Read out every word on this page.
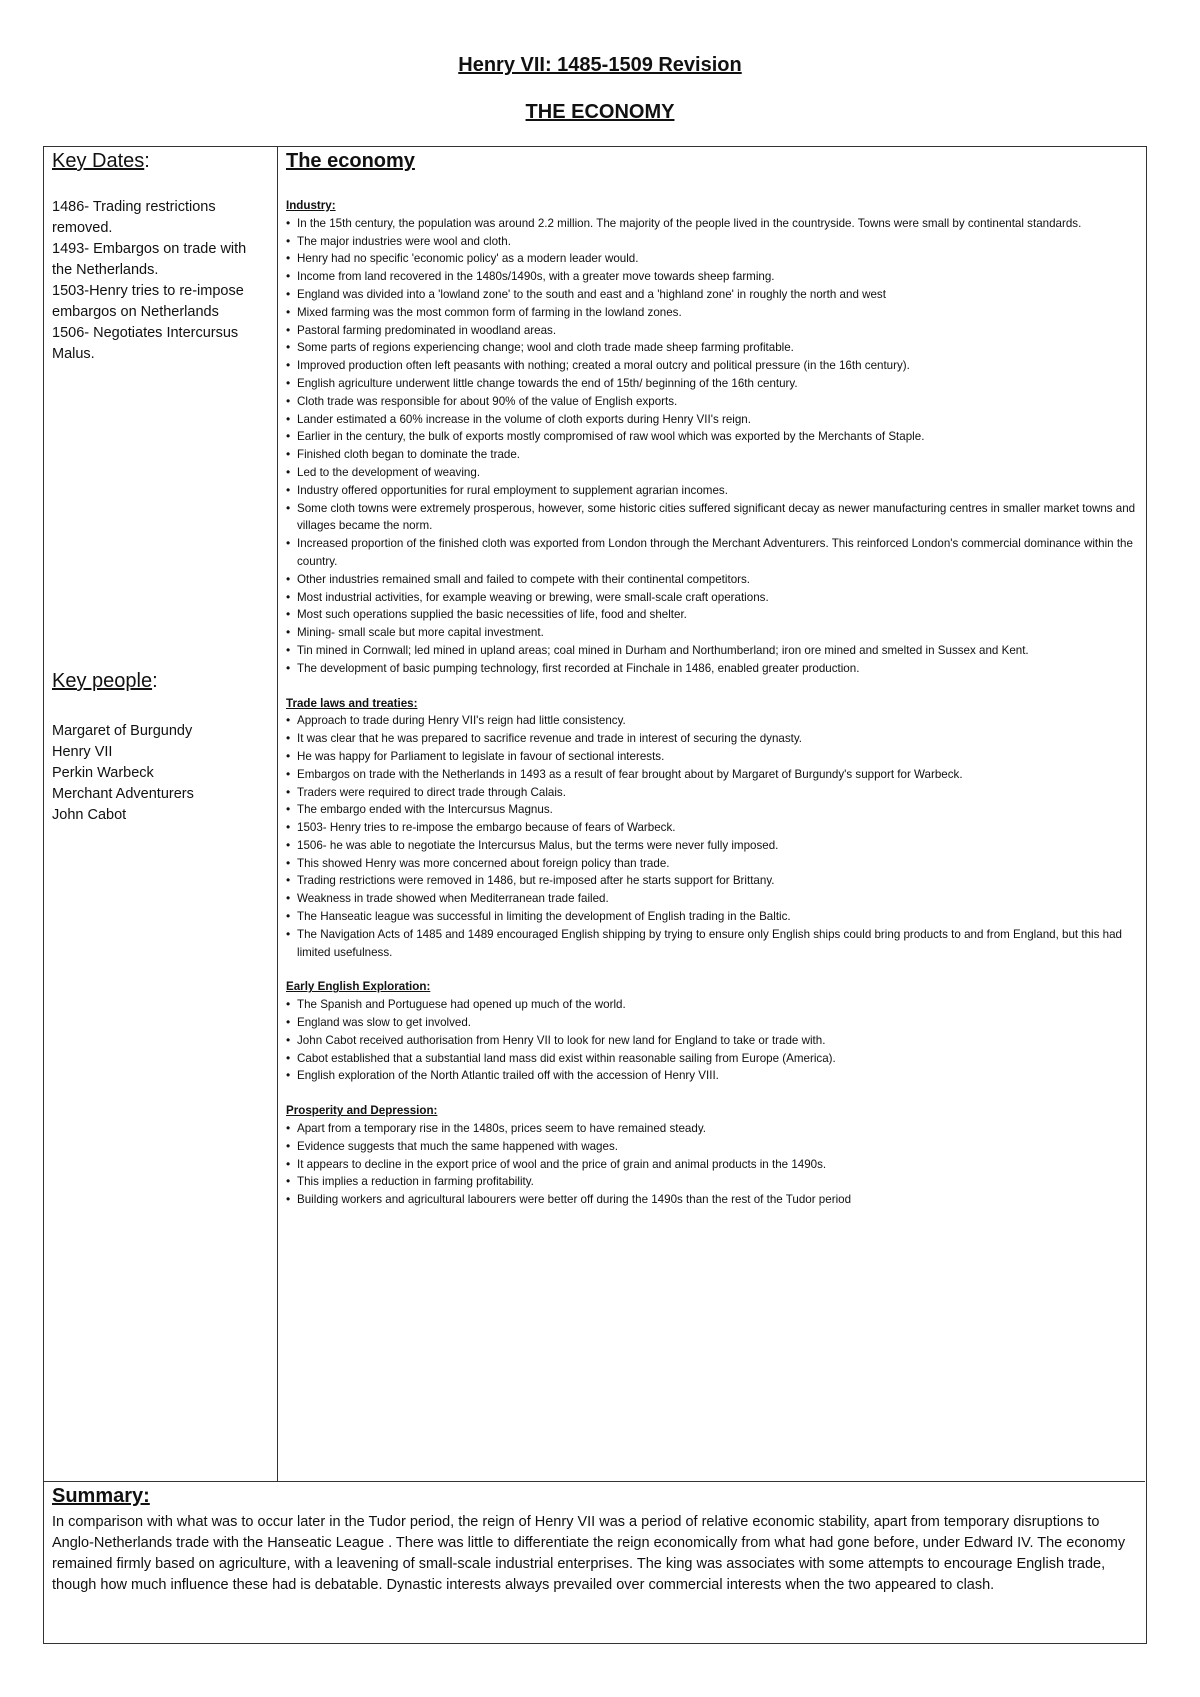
Henry VII: 1485-1509 Revision
THE ECONOMY

Key Dates:

1486- Trading restrictions removed.
1493- Embargos on trade with the Netherlands.
1503-Henry tries to re-impose embargos on Netherlands
1506- Negotiates Intercursus Malus.

Key people:

Margaret of Burgundy
Henry VII
Perkin Warbeck
Merchant Adventurers
John Cabot

The economy

Industry:
• In the 15th century, the population was around 2.2 million. The majority of the people lived in the countryside. Towns were small by continental standards.
• The major industries were wool and cloth.
• Henry had no specific 'economic policy' as a modern leader would.
• Income from land recovered in the 1480s/1490s, with a greater move towards sheep farming.
• England was divided into a 'lowland zone' to the south and east and a 'highland zone' in roughly the north and west
• Mixed farming was the most common form of farming in the lowland zones.
• Pastoral farming predominated in woodland areas.
• Some parts of regions experiencing change; wool and cloth trade made sheep farming profitable.
• Improved production often left peasants with nothing; created a moral outcry and political pressure (in the 16th century).
• English agriculture underwent little change towards the end of 15th/ beginning of the 16th century.
• Cloth trade was responsible for about 90% of the value of English exports.
• Lander estimated a 60% increase in the volume of cloth exports during Henry VII's reign.
• Earlier in the century, the bulk of exports mostly compromised of raw wool which was exported by the Merchants of Staple.
• Finished cloth began to dominate the trade.
• Led to the development of weaving.
• Industry offered opportunities for rural employment to supplement agrarian incomes.
• Some cloth towns were extremely prosperous, however, some historic cities suffered significant decay as newer manufacturing centres in smaller market towns and villages became the norm.
• Increased proportion of the finished cloth was exported from London through the Merchant Adventurers. This reinforced London's commercial dominance within the country.
• Other industries remained small and failed to compete with their continental competitors.
• Most industrial activities, for example weaving or brewing, were small-scale craft operations.
• Most such operations supplied the basic necessities of life, food and shelter.
• Mining- small scale but more capital investment.
• Tin mined in Cornwall; led mined in upland areas; coal mined in Durham and Northumberland; iron ore mined and smelted in Sussex and Kent.
• The development of basic pumping technology, first recorded at Finchale in 1486, enabled greater production.
Trade laws and treaties:
• Approach to trade during Henry VII's reign had little consistency.
• It was clear that he was prepared to sacrifice revenue and trade in interest of securing the dynasty.
• He was happy for Parliament to legislate in favour of sectional interests.
• Embargos on trade with the Netherlands in 1493 as a result of fear brought about by Margaret of Burgundy's support for Warbeck.
• Traders were required to direct trade through Calais.
• The embargo ended with the Intercursus Magnus.
• 1503- Henry tries to re-impose the embargo because of fears of Warbeck.
• 1506- he was able to negotiate the Intercursus Malus, but the terms were never fully imposed.
• This showed Henry was more concerned about foreign policy than trade.
• Trading restrictions were removed in 1486, but re-imposed after he starts support for Brittany.
• Weakness in trade showed when Mediterranean trade failed.
• The Hanseatic league was successful in limiting the development of English trading in the Baltic.
• The Navigation Acts of 1485 and 1489 encouraged English shipping by trying to ensure only English ships could bring products to and from England, but this had limited usefulness.
Early English Exploration:
• The Spanish and Portuguese had opened up much of the world.
• England was slow to get involved.
• John Cabot received authorisation from Henry VII to look for new land for England to take or trade with.
• Cabot established that a substantial land mass did exist within reasonable sailing from Europe (America).
• English exploration of the North Atlantic trailed off with the accession of Henry VIII.
Prosperity and Depression:
• Apart from a temporary rise in the 1480s, prices seem to have remained steady.
• Evidence suggests that much the same happened with wages.
• It appears to decline in the export price of wool and the price of grain and animal products in the 1490s.
• This implies a reduction in farming profitability.
• Building workers and agricultural labourers were better off during the 1490s than the rest of the Tudor period

Summary:

In comparison with what was to occur later in the Tudor period, the reign of Henry VII was a period of relative economic stability, apart from temporary disruptions to Anglo-Netherlands trade with the Hanseatic League . There was little to differentiate the reign economically from what had gone before, under Edward IV. The economy remained firmly based on agriculture, with a leavening of small-scale industrial enterprises. The king was associates with some attempts to encourage English trade, though how much influence these had is debatable. Dynastic interests always prevailed over commercial interests when the two appeared to clash.
